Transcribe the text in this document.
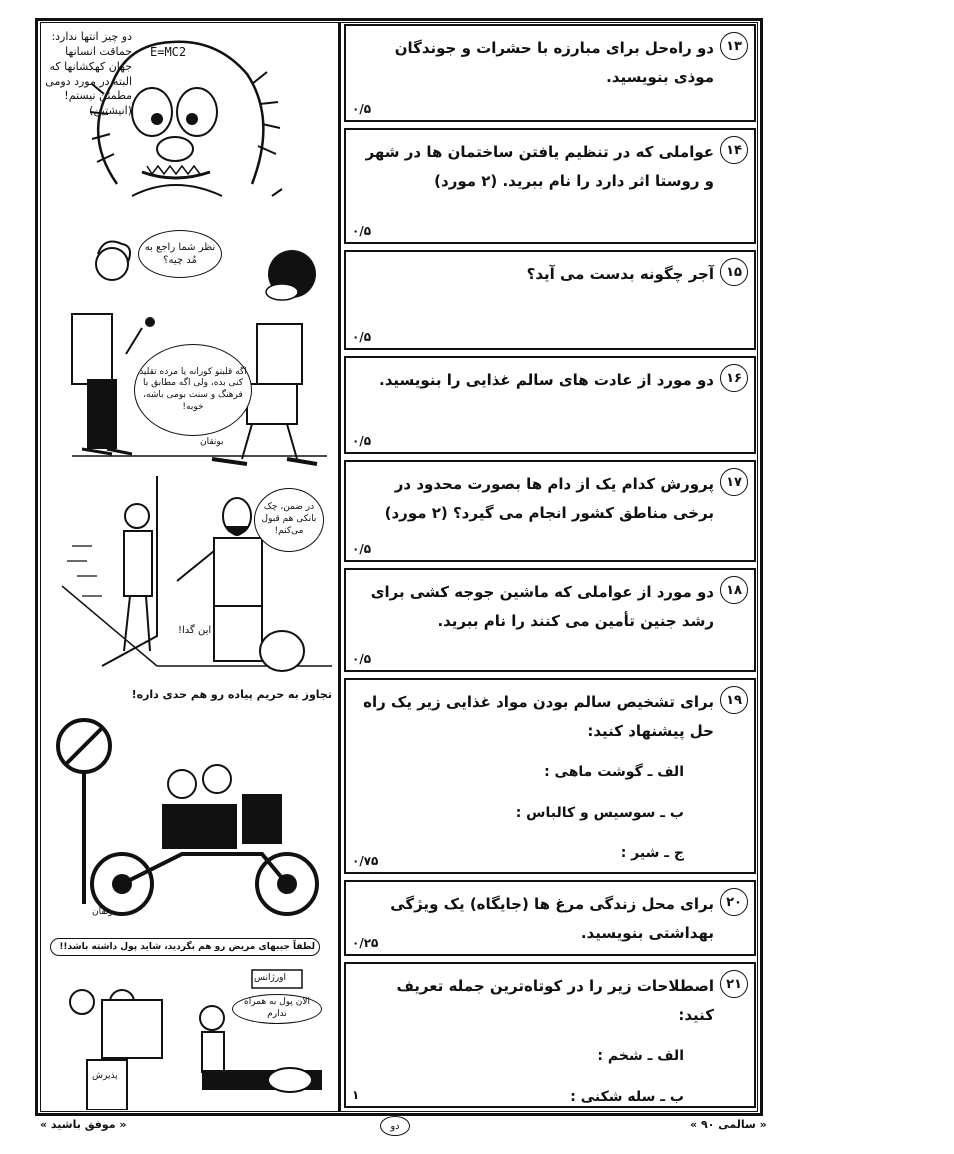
E=MC2
دو چیز انتها ندارد: حماقت انسانها جهان کهکشانها که البته در مورد دومی مطمئن نیستم! (انیشتین)
نظر شما راجع به مُد چیه؟
اگه قلبتو کورانه یا مرده تقلید کنی بده، ولی اگه مطابق با فرهنگ و سنت بومی باشه، خوبه!
بونقان
در ضمن، چک بانکی هم قبول می‌کنم!
این گدا!
تجاوز به حریم پیاده رو هم حدی داره!
بونقان
لطفاً جیبهای مریض رو هم بگردید، شاید پول داشته باشد!!
اورژانس
الان پول به همراه ندارم
پذیرش
۱۳
دو راه‌حل برای مبارزه با حشرات و جوندگان موذی بنویسید.
۰/۵
۱۴
عواملی که در تنظیم یافتن ساختمان ها در شهر و روستا اثر دارد را نام ببرید. (۲ مورد)
۰/۵
۱۵
آجر چگونه بدست می آید؟
۰/۵
۱۶
دو مورد از عادت های سالم غذایی را بنویسید.
۰/۵
۱۷
پرورش کدام یک از دام ها بصورت محدود در برخی مناطق کشور انجام می گیرد؟ (۲ مورد)
۰/۵
۱۸
دو مورد از عواملی که ماشین جوجه کشی برای رشد جنین تأمین می کنند را نام ببرید.
۰/۵
۱۹
برای تشخیص سالم بودن مواد غذایی زیر یک راه حل پیشنهاد کنید:
الف ـ گوشت ماهی :
ب ـ سوسیس و کالباس :
ج ـ شیر :
۰/۷۵
۲۰
برای محل زندگی مرغ ها (جایگاه) یک ویژگی بهداشتی بنویسید.
۰/۲۵
۲۱
اصطلاحات زیر را در کوتاه‌ترین جمله تعریف کنید:
الف ـ شخم :
ب ـ سله شکنی :
۱
« موفق باشید »	دو	« سالمی ۹۰ »
